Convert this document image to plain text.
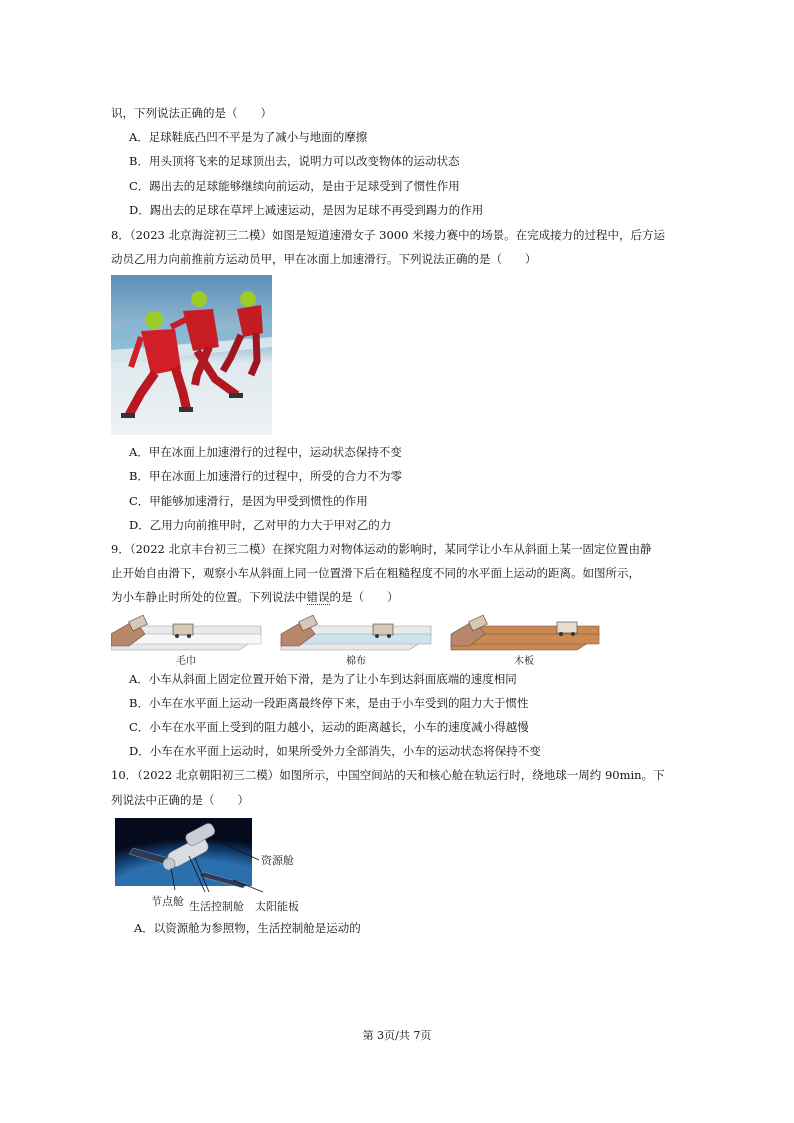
识，下列说法正确的是（　　）
A．足球鞋底凸凹不平是为了减小与地面的摩擦
B．用头顶将飞来的足球顶出去，说明力可以改变物体的运动状态
C．踢出去的足球能够继续向前运动，是由于足球受到了惯性作用
D．踢出去的足球在草坪上减速运动，是因为足球不再受到踢力的作用
8．（2023 北京海淀初三二模）如图是短道速滑女子 3000 米接力赛中的场景。在完成接力的过程中，后方运
动员乙用力向前推前方运动员甲，甲在冰面上加速滑行。下列说法正确的是（　　）
A．甲在冰面上加速滑行的过程中，运动状态保持不变
B．甲在冰面上加速滑行的过程中，所受的合力不为零
C．甲能够加速滑行，是因为甲受到惯性的作用
D．乙用力向前推甲时，乙对甲的力大于甲对乙的力
9．（2022 北京丰台初三二模）在探究阻力对物体运动的影响时，某同学让小车从斜面上某一固定位置由静
止开始自由滑下，观察小车从斜面上同一位置滑下后在粗糙程度不同的水平面上运动的距离。如图所示，
为小车静止时所处的位置。下列说法中错误的是（　　）
毛巾	棉布	木板
A．小车从斜面上固定位置开始下滑，是为了让小车到达斜面底端的速度相同
B．小车在水平面上运动一段距离最终停下来，是由于小车受到的阻力大于惯性
C．小车在水平面上受到的阻力越小，运动的距离越长，小车的速度减小得越慢
D．小车在水平面上运动时，如果所受外力全部消失，小车的运动状态将保持不变
10．（2022 北京朝阳初三二模）如图所示，中国空间站的天和核心舱在轨运行时，绕地球一周约 90min。下
列说法中正确的是（　　）
资源舱
节点舱 生活控制舱 太阳能板
A．以资源舱为参照物，生活控制舱是运动的
第 3页/共 7页
